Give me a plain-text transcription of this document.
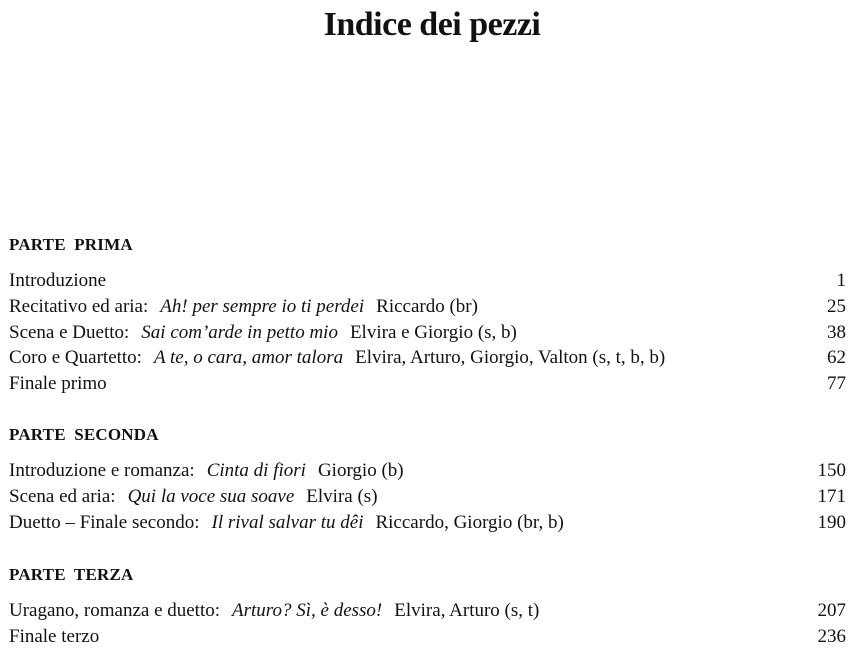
Indice dei pezzi
PARTE PRIMA
Introduzione	1
Recitativo ed aria: Ah! per sempre io ti perdei Riccardo (br)	25
Scena e Duetto: Sai com’arde in petto mio Elvira e Giorgio (s, b)	38
Coro e Quartetto: A te, o cara, amor talora Elvira, Arturo, Giorgio, Valton (s, t, b, b)	62
Finale primo	77
PARTE SECONDA
Introduzione e romanza: Cinta di fiori Giorgio (b)	150
Scena ed aria: Qui la voce sua soave Elvira (s)	171
Duetto – Finale secondo: Il rival salvar tu dêi Riccardo, Giorgio (br, b)	190
PARTE TERZA
Uragano, romanza e duetto: Arturo? Sì, è desso! Elvira, Arturo (s, t)	207
Finale terzo	236
